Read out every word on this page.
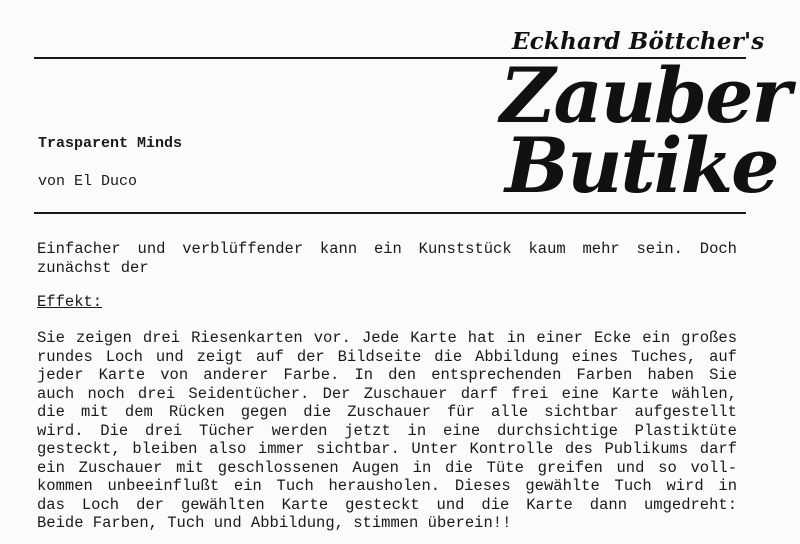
Eckhard Böttcher's
Zauber
Butike
Trasparent Minds
von El Duco
Einfacher und verblüffender kann ein Kunststück kaum mehr sein. Doch
zunächst der
Effekt:
Sie zeigen drei Riesenkarten vor. Jede Karte hat in einer Ecke ein großes
rundes Loch und zeigt auf der Bildseite die Abbildung eines Tuches, auf
jeder Karte von anderer Farbe. In den entsprechenden Farben haben Sie
auch noch drei Seidentücher. Der Zuschauer darf frei eine Karte wählen,
die mit dem Rücken gegen die Zuschauer für alle sichtbar aufgestellt
wird. Die drei Tücher werden jetzt in eine durchsichtige Plastiktüte
gesteckt, bleiben also immer sichtbar. Unter Kontrolle des Publikums darf
ein Zuschauer mit geschlossenen Augen in die Tüte greifen und so voll-
kommen unbeeinflußt ein Tuch herausholen. Dieses gewählte Tuch wird in
das Loch der gewählten Karte gesteckt und die Karte dann umgedreht:
Beide Farben, Tuch und Abbildung, stimmen überein!!
